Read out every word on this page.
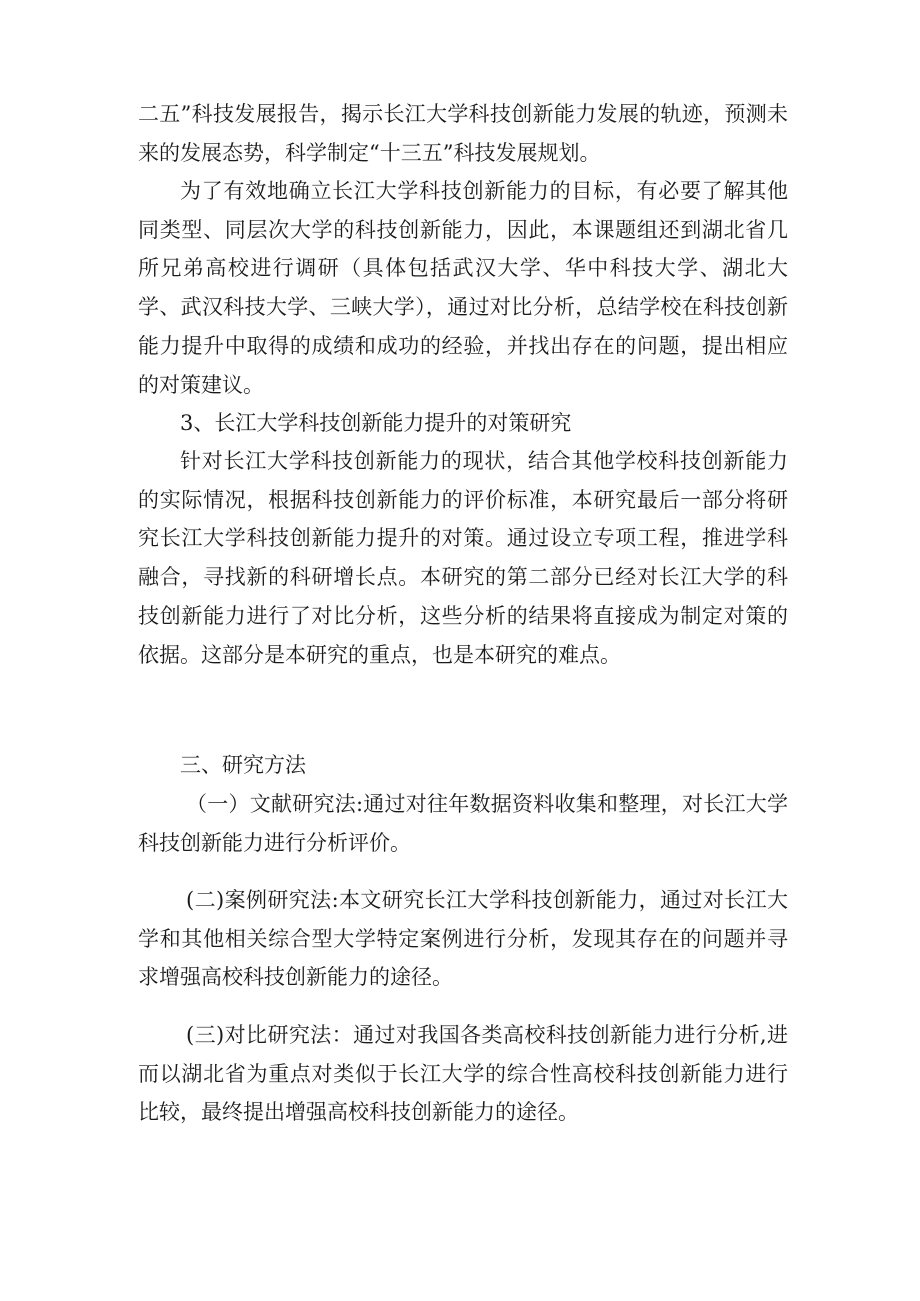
二五”科技发展报告，揭示长江大学科技创新能力发展的轨迹，预测未来的发展态势，科学制定“十三五”科技发展规划。

为了有效地确立长江大学科技创新能力的目标，有必要了解其他同类型、同层次大学的科技创新能力，因此，本课题组还到湖北省几所兄弟高校进行调研（具体包括武汉大学、华中科技大学、湖北大学、武汉科技大学、三峡大学），通过对比分析，总结学校在科技创新能力提升中取得的成绩和成功的经验，并找出存在的问题，提出相应的对策建议。

3、长江大学科技创新能力提升的对策研究

针对长江大学科技创新能力的现状，结合其他学校科技创新能力的实际情况，根据科技创新能力的评价标准，本研究最后一部分将研究长江大学科技创新能力提升的对策。通过设立专项工程，推进学科融合，寻找新的科研增长点。本研究的第二部分已经对长江大学的科技创新能力进行了对比分析，这些分析的结果将直接成为制定对策的依据。这部分是本研究的重点，也是本研究的难点。

三、研究方法

（一）文献研究法:通过对往年数据资料收集和整理，对长江大学科技创新能力进行分析评价。

(二)案例研究法:本文研究长江大学科技创新能力，通过对长江大学和其他相关综合型大学特定案例进行分析，发现其存在的问题并寻求增强高校科技创新能力的途径。

(三)对比研究法：通过对我国各类高校科技创新能力进行分析,进而以湖北省为重点对类似于长江大学的综合性高校科技创新能力进行比较，最终提出增强高校科技创新能力的途径。
